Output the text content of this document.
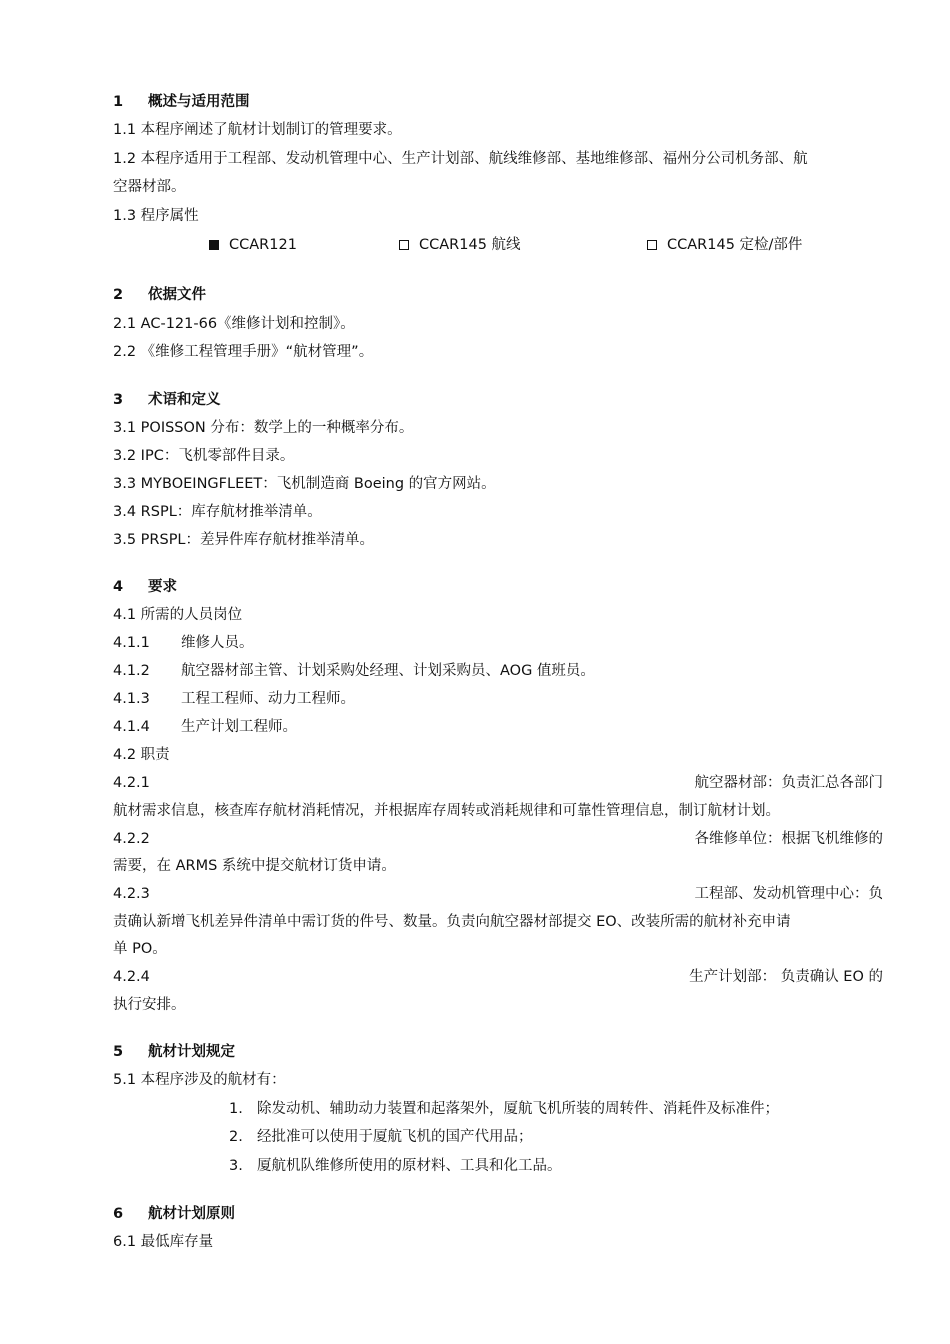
1 概述与适用范围
1.1 本程序阐述了航材计划制订的管理要求。
1.2 本程序适用于工程部、发动机管理中心、生产计划部、航线维修部、基地维修部、福州分公司机务部、航
空器材部。
1.3 程序属性
CCAR121	CCAR145 航线	CCAR145 定检/部件
2 依据文件
2.1 AC-121-66《维修计划和控制》。
2.2 《维修工程管理手册》“航材管理”。
3 术语和定义
3.1 POISSON 分布：数学上的一种概率分布。
3.2 IPC：飞机零部件目录。
3.3 MYBOEINGFLEET：飞机制造商 Boeing 的官方网站。
3.4 RSPL：库存航材推举清单。
3.5 PRSPL：差异件库存航材推举清单。
4 要求
4.1 所需的人员岗位
4.1.1 维修人员。
4.1.2 航空器材部主管、计划采购处经理、计划采购员、AOG 值班员。
4.1.3 工程工程师、动力工程师。
4.1.4 生产计划工程师。
4.2 职责
4.2.1	航空器材部：负责汇总各部门
航材需求信息，核查库存航材消耗情况，并根据库存周转或消耗规律和可靠性管理信息，制订航材计划。
4.2.2	各维修单位：根据飞机维修的
需要，在 ARMS 系统中提交航材订货申请。
4.2.3	工程部、发动机管理中心：负
责确认新增飞机差异件清单中需订货的件号、数量。负责向航空器材部提交 EO、改装所需的航材补充申请
单 PO。
4.2.4	生产计划部： 负责确认 EO 的
执行安排。
5 航材计划规定
5.1 本程序涉及的航材有：
1. 除发动机、辅助动力装置和起落架外，厦航飞机所装的周转件、消耗件及标准件；
2. 经批准可以使用于厦航飞机的国产代用品；
3. 厦航机队维修所使用的原材料、工具和化工品。
6 航材计划原则
6.1 最低库存量
